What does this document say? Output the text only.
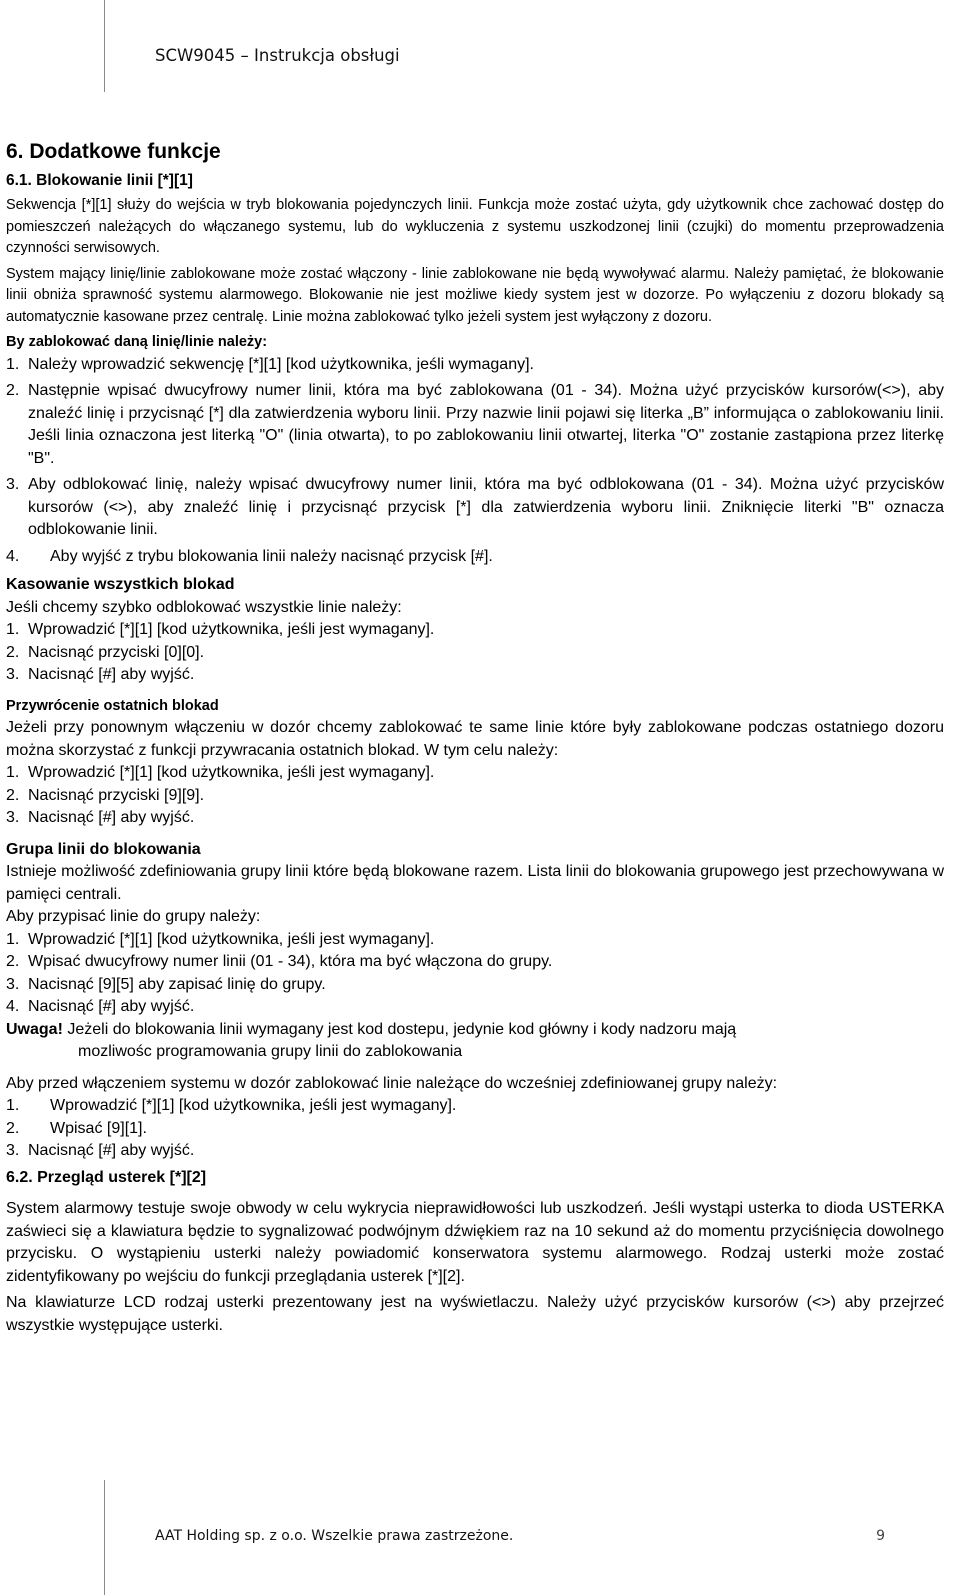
SCW9045 – Instrukcja obsługi
6. Dodatkowe funkcje
6.1. Blokowanie linii [*][1]

Sekwencja [*][1] służy do wejścia w tryb blokowania pojedynczych linii. Funkcja może zostać użyta, gdy użytkownik chce zachować dostęp do pomieszczeń należących do włączanego systemu, lub do wykluczenia z systemu uszkodzonej linii (czujki) do momentu przeprowadzenia czynności serwisowych.

System mający linię/linie zablokowane może zostać włączony - linie zablokowane nie będą wywoływać alarmu. Należy pamiętać, że blokowanie linii obniża sprawność systemu alarmowego. Blokowanie nie jest możliwe kiedy system jest w dozorze. Po wyłączeniu z dozoru blokady są automatycznie kasowane przez centralę. Linie można zablokować tylko jeżeli system jest wyłączony z dozoru.

By zablokować daną linię/linie należy:

1. Należy wprowadzić sekwencję [*][1] [kod użytkownika, jeśli wymagany].
2. Następnie wpisać dwucyfrowy numer linii, która ma być zablokowana (01 - 34). Można użyć przycisków kursorów(<>), aby znaleźć linię i przycisnąć [*] dla zatwierdzenia wyboru linii. Przy nazwie linii pojawi się literka „B” informująca o zablokowaniu linii. Jeśli linia oznaczona jest literką "O" (linia otwarta), to po zablokowaniu linii otwartej, literka "O" zostanie zastąpiona przez literkę "B".
3. Aby odblokować linię, należy wpisać dwucyfrowy numer linii, która ma być odblokowana (01 - 34). Można użyć przycisków kursorów (<>), aby znaleźć linię i przycisnąć przycisk [*] dla zatwierdzenia wyboru linii. Zniknięcie literki "B" oznacza odblokowanie linii.
4.	Aby wyjść z trybu blokowania linii należy nacisnąć przycisk [#].

Kasowanie wszystkich blokad

Jeśli chcemy szybko odblokować wszystkie linie należy:

1. Wprowadzić [*][1] [kod użytkownika, jeśli jest wymagany].
2. Nacisnąć przyciski [0][0].
3. Nacisnąć [#] aby wyjść.

Przywrócenie ostatnich blokad

Jeżeli przy ponownym włączeniu w dozór chcemy zablokować te same linie które były zablokowane podczas ostatniego dozoru można skorzystać z funkcji przywracania ostatnich blokad. W tym celu należy:

1. Wprowadzić [*][1] [kod użytkownika, jeśli jest wymagany].
2. Nacisnąć przyciski [9][9].
3. Nacisnąć [#] aby wyjść.

Grupa linii do blokowania

Istnieje możliwość zdefiniowania grupy linii które będą blokowane razem. Lista linii do blokowania grupowego jest przechowywana w pamięci centrali.

Aby przypisać linie do grupy należy:

1. Wprowadzić [*][1] [kod użytkownika, jeśli jest wymagany].
2. Wpisać dwucyfrowy numer linii (01 - 34), która ma być włączona do grupy.
3. Nacisnąć [9][5] aby zapisać linię do grupy.
4. Nacisnąć [#] aby wyjść.

Uwaga! Jeżeli do blokowania linii wymagany jest kod dostepu, jedynie kod główny i kody nadzoru mają

mozliwośc programowania grupy linii do zablokowania

Aby przed włączeniem systemu w dozór zablokować linie należące do wcześniej zdefiniowanej grupy należy:

1.	Wprowadzić [*][1] [kod użytkownika, jeśli jest wymagany].
2.	Wpisać [9][1].
3. Nacisnąć [#] aby wyjść.

6.2. Przegląd usterek [*][2]

System alarmowy testuje swoje obwody w celu wykrycia nieprawidłowości lub uszkodzeń. Jeśli wystąpi usterka to dioda USTERKA zaświeci się a klawiatura będzie to sygnalizować podwójnym dźwiękiem raz na 10 sekund aż do momentu przyciśnięcia dowolnego przycisku. O wystąpieniu usterki należy powiadomić konserwatora systemu alarmowego. Rodzaj usterki może zostać zidentyfikowany po wejściu do funkcji przeglądania usterek [*][2].

Na klawiaturze LCD rodzaj usterki prezentowany jest na wyświetlaczu. Należy użyć przycisków kursorów (<>) aby przejrzeć wszystkie występujące usterki.

AAT Holding sp. z o.o. Wszelkie prawa zastrzeżone.	9
